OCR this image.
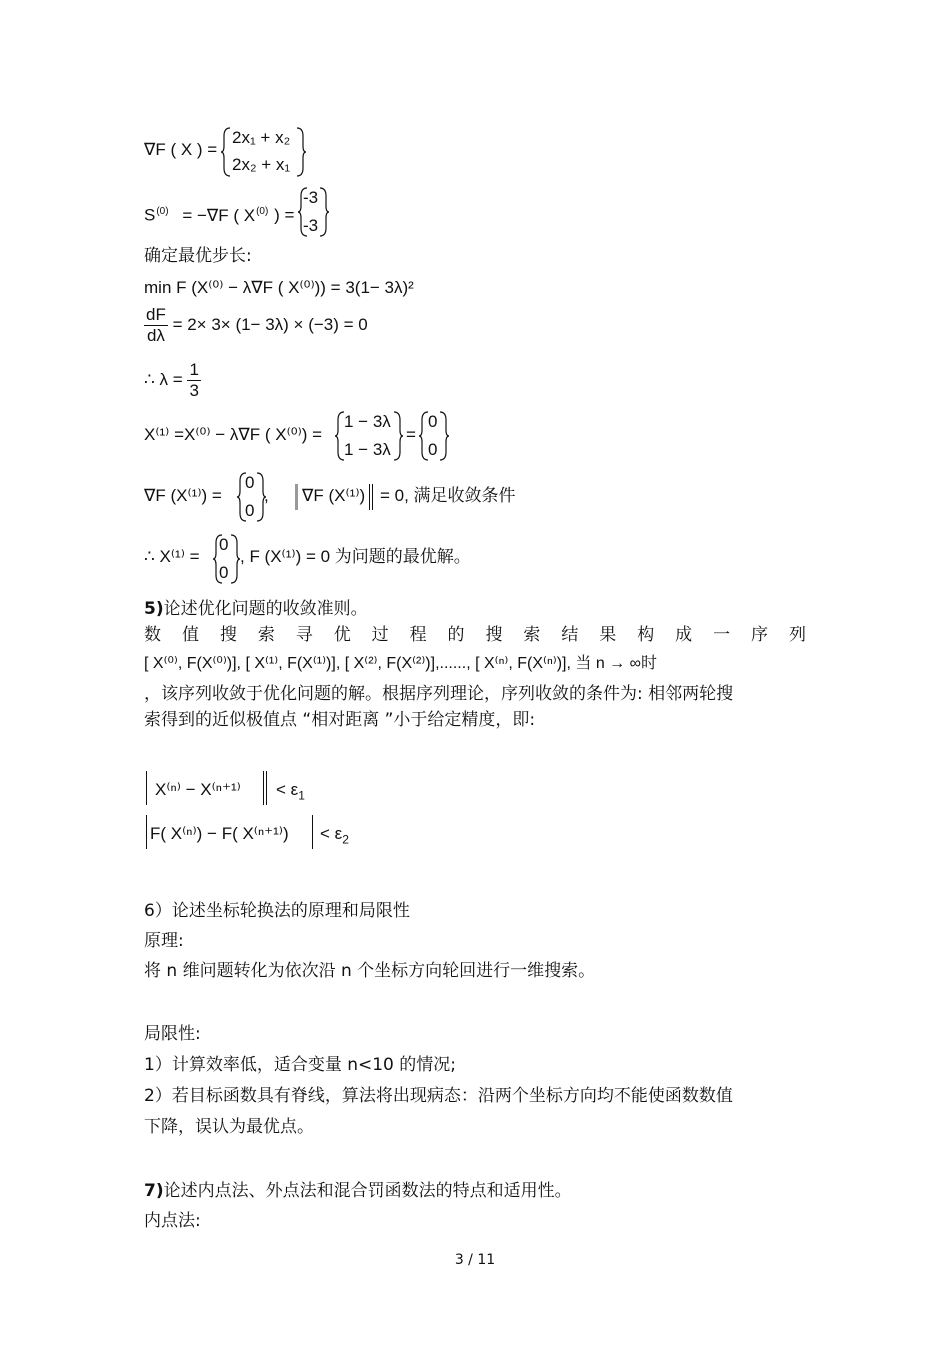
∇F ( X ) =
2x₁ + x₂
2x₂ + x₁
$S^{(0)} = -\nabla F$ ( $X^{(0)}$ ) =
-3
-3
确定最优步长:
min F (X⁽⁰⁾ − λ∇F ( X⁽⁰⁾)) = 3(1− 3λ)²
$\frac{dF}{d\lambda} = 2\times 3\times (1- 3\lambda) \times (-3) = 0$
∴ $\lambda = \frac{1}{3}$
X⁽¹⁾ =X⁽⁰⁾ − λ∇F ( X⁽⁰⁾) =
1 − 3λ
1 − 3λ
=
0
0
∇F (X⁽¹⁾) =
0
0
, ∇F (X⁽¹⁾) = 0, 满足收敛条件
∴ X⁽¹⁾ =
0
0
, F (X⁽¹⁾) = 0 为问题的最优解。
5)论述优化问题的收敛准则。
数 值 搜 索 寻 优 过 程 的 搜 索 结 果 构 成 一 序 列
[ X⁽⁰⁾, F(X⁽⁰⁾)], [ X⁽¹⁾, F(X⁽¹⁾)], [ X⁽²⁾, F(X⁽²⁾)],......, [ X⁽ⁿ⁾, F(X⁽ⁿ⁾)], 当 n → ∞时
，该序列收敛于优化问题的解。根据序列理论，序列收敛的条件为: 相邻两轮搜
索得到的近似极值点 “相对距离 ”小于给定精度，即:
$X^{(n)} - X^{(n+1)} < \varepsilon_1$
F( X⁽ⁿ⁾) − F( $X^{(n+1)}) < \varepsilon_2$
6）论述坐标轮换法的原理和局限性
原理:
将 n 维问题转化为依次沿 n 个坐标方向轮回进行一维搜索。
局限性:
1）计算效率低，适合变量 n<10 的情况;
2）若目标函数具有脊线，算法将出现病态：沿两个坐标方向均不能使函数数值
下降，误认为最优点。
7)论述内点法、外点法和混合罚函数法的特点和适用性。
内点法:
3 / 11
